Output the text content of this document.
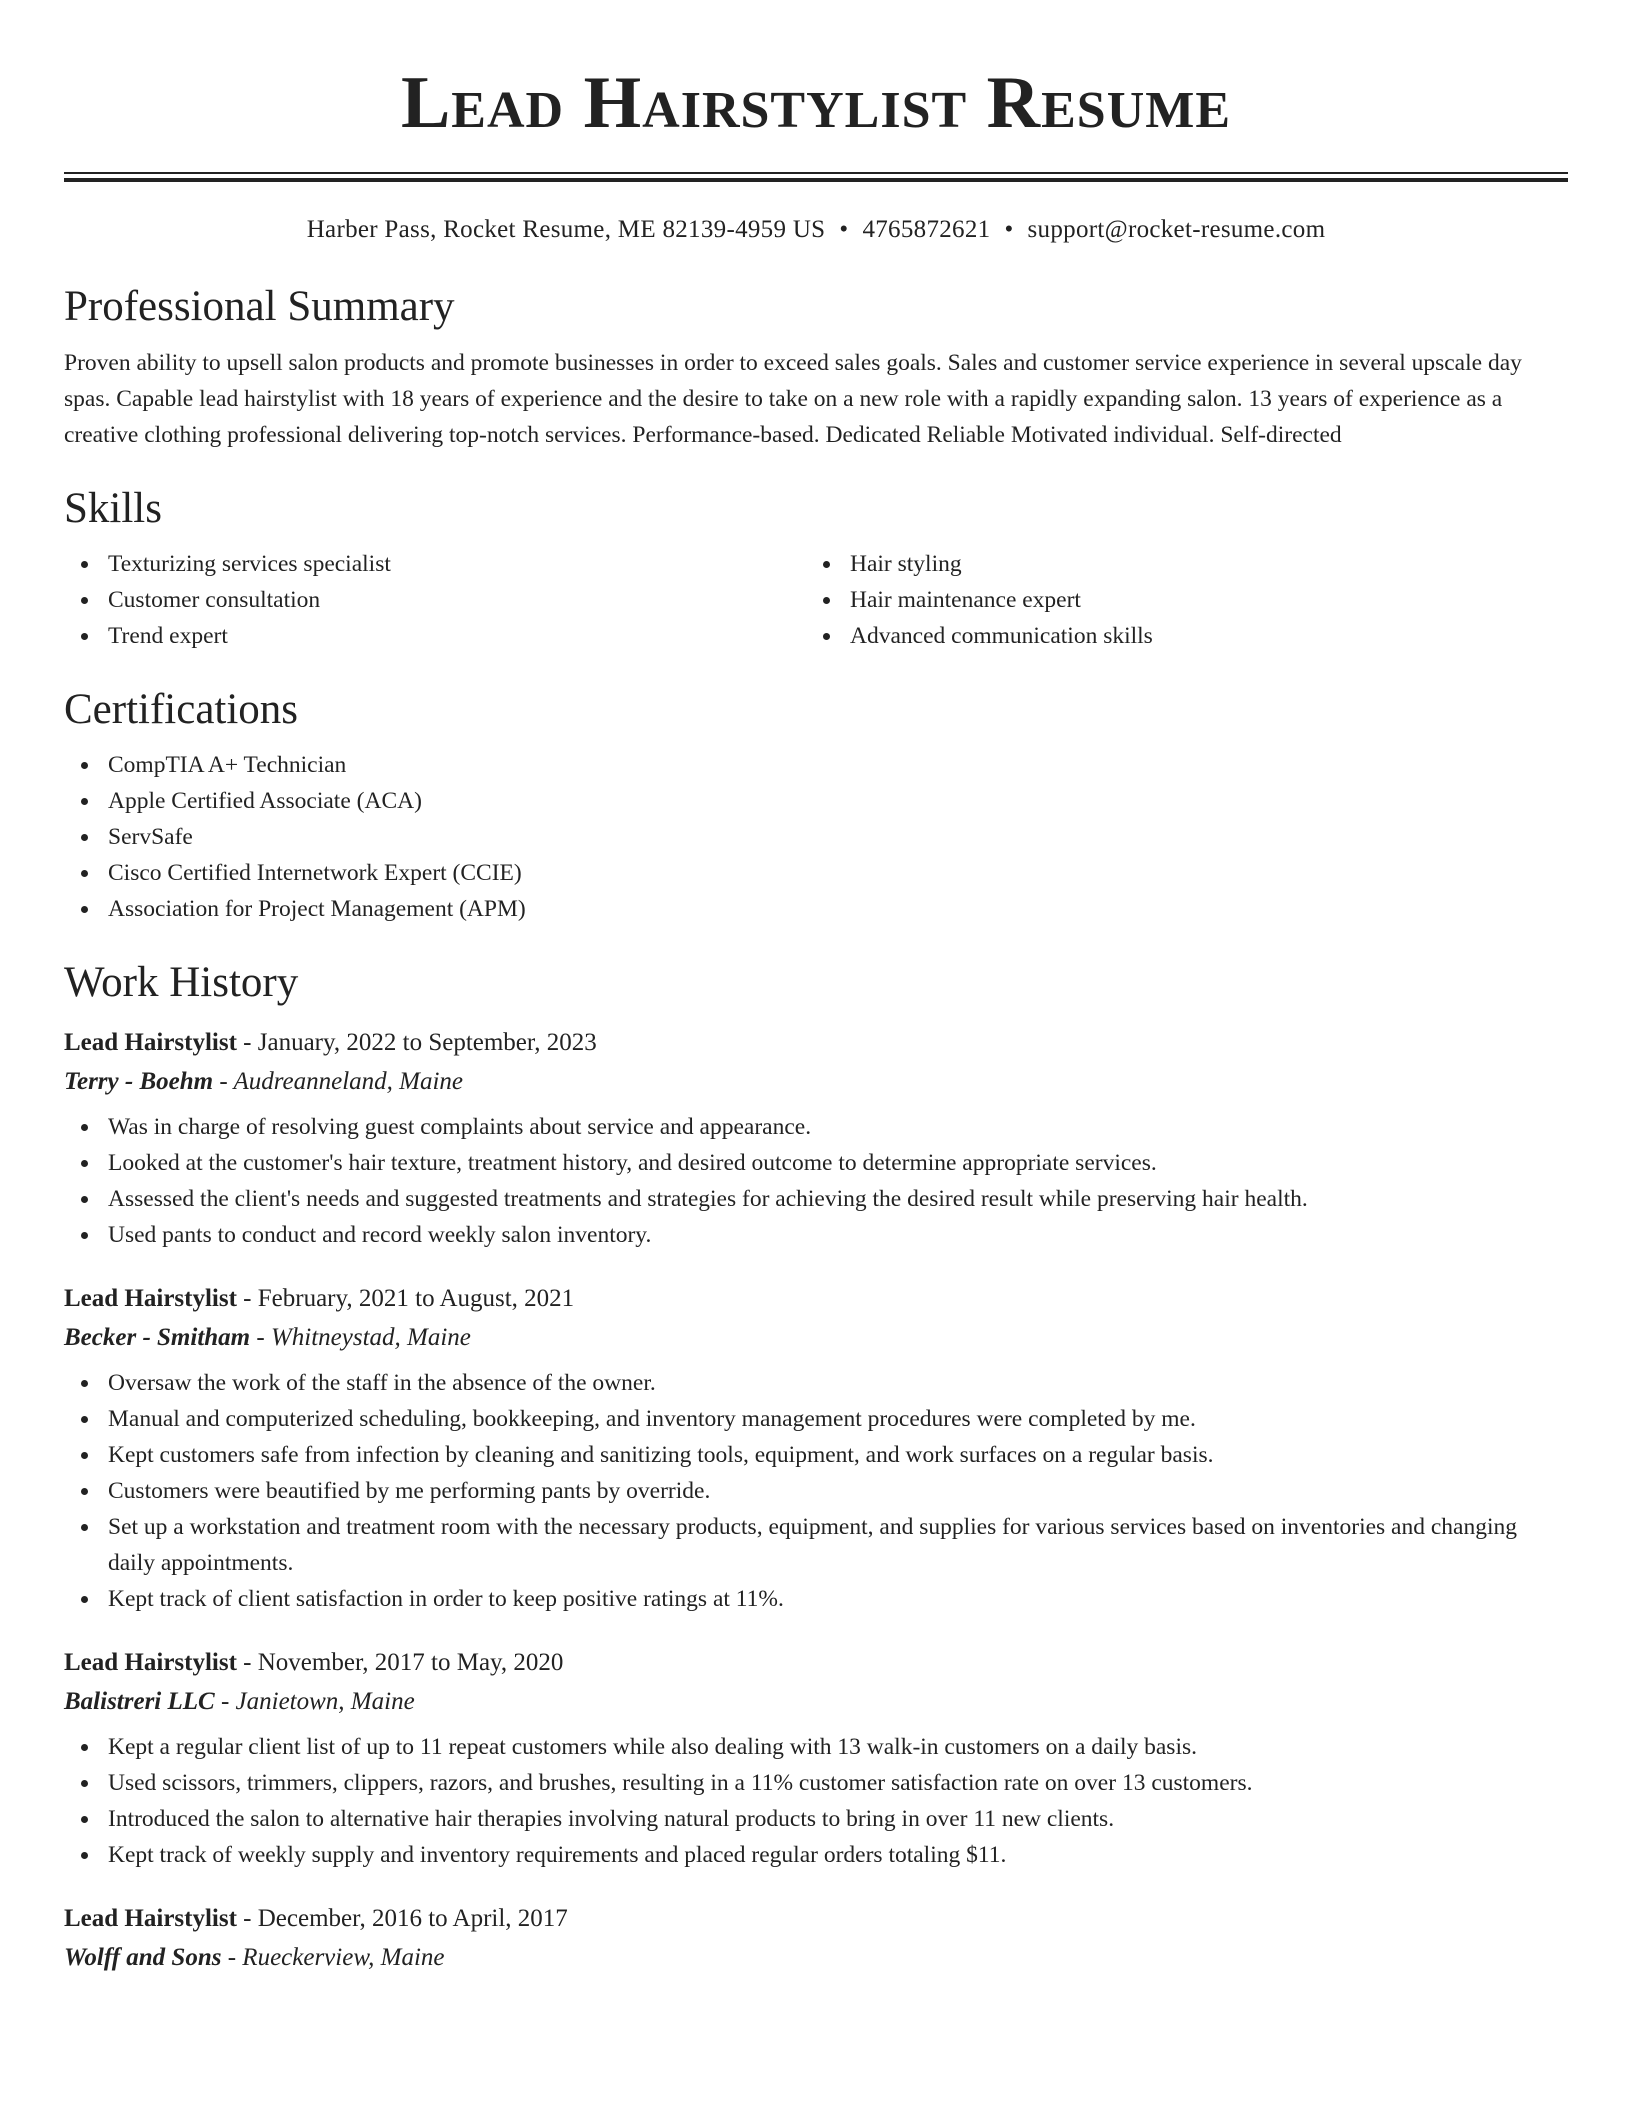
Lead Hairstylist Resume
Harber Pass, Rocket Resume, ME 82139-4959 US • 4765872621 • support@rocket-resume.com
Professional Summary

Proven ability to upsell salon products and promote businesses in order to exceed sales goals. Sales and customer service experience in several upscale day spas. Capable lead hairstylist with 18 years of experience and the desire to take on a new role with a rapidly expanding salon. 13 years of experience as a creative clothing professional delivering top-notch services. Performance-based. Dedicated Reliable Motivated individual. Self-directed

Skills
Texturizing services specialist
Customer consultation
Trend expert
Hair styling
Hair maintenance expert
Advanced communication skills
Certifications
CompTIA A+ Technician
Apple Certified Associate (ACA)
ServSafe
Cisco Certified Internetwork Expert (CCIE)
Association for Project Management (APM)
Work History
Lead Hairstylist - January, 2022 to September, 2023
Terry - Boehm - Audreanneland, Maine
Was in charge of resolving guest complaints about service and appearance.
Looked at the customer's hair texture, treatment history, and desired outcome to determine appropriate services.
Assessed the client's needs and suggested treatments and strategies for achieving the desired result while preserving hair health.
Used pants to conduct and record weekly salon inventory.
Lead Hairstylist - February, 2021 to August, 2021
Becker - Smitham - Whitneystad, Maine
Oversaw the work of the staff in the absence of the owner.
Manual and computerized scheduling, bookkeeping, and inventory management procedures were completed by me.
Kept customers safe from infection by cleaning and sanitizing tools, equipment, and work surfaces on a regular basis.
Customers were beautified by me performing pants by override.
Set up a workstation and treatment room with the necessary products, equipment, and supplies for various services based on inventories and changing daily appointments.
Kept track of client satisfaction in order to keep positive ratings at 11%.
Lead Hairstylist - November, 2017 to May, 2020
Balistreri LLC - Janietown, Maine
Kept a regular client list of up to 11 repeat customers while also dealing with 13 walk-in customers on a daily basis.
Used scissors, trimmers, clippers, razors, and brushes, resulting in a 11% customer satisfaction rate on over 13 customers.
Introduced the salon to alternative hair therapies involving natural products to bring in over 11 new clients.
Kept track of weekly supply and inventory requirements and placed regular orders totaling $11.
Lead Hairstylist - December, 2016 to April, 2017
Wolff and Sons - Rueckerview, Maine
